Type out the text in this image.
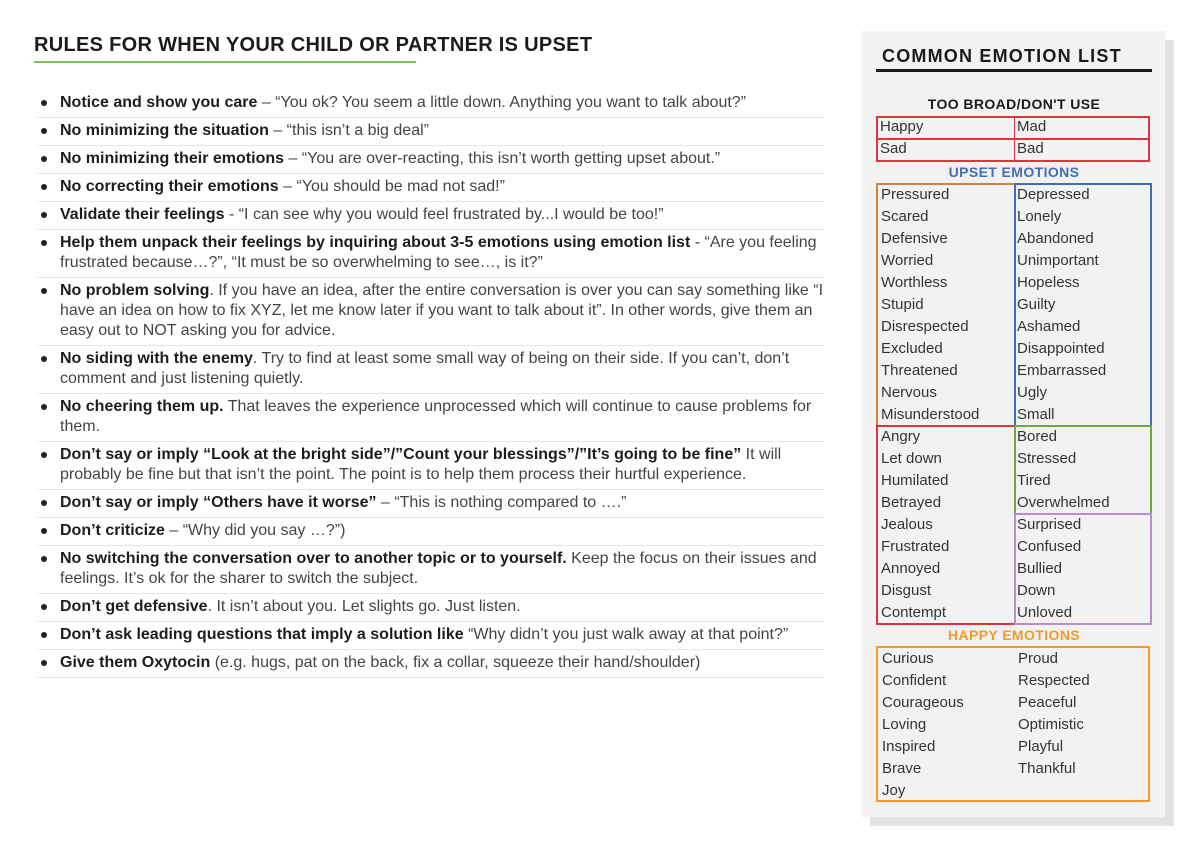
RULES FOR WHEN YOUR CHILD OR PARTNER IS UPSET
Notice and show you care – “You ok? You seem a little down. Anything you want to talk about?”
No minimizing the situation – “this isn’t a big deal”
No minimizing their emotions – “You are over-reacting, this isn’t worth getting upset about.”
No correcting their emotions – “You should be mad not sad!”
Validate their feelings - “I can see why you would feel frustrated by...I would be too!”
Help them unpack their feelings by inquiring about 3-5 emotions using emotion list - “Are you feeling frustrated because…?”, “It must be so overwhelming to see…, is it?”
No problem solving. If you have an idea, after the entire conversation is over you can say something like “I have an idea on how to fix XYZ, let me know later if you want to talk about it”. In other words, give them an easy out to NOT asking you for advice.
No siding with the enemy. Try to find at least some small way of being on their side. If you can’t, don’t comment and just listening quietly.
No cheering them up. That leaves the experience unprocessed which will continue to cause problems for them.
Don’t say or imply “Look at the bright side”/”Count your blessings”/”It’s going to be fine” It will probably be fine but that isn’t the point. The point is to help them process their hurtful experience.
Don’t say or imply “Others have it worse” – “This is nothing compared to ….”
Don’t criticize – “Why did you say …?”)
No switching the conversation over to another topic or to yourself. Keep the focus on their issues and feelings. It’s ok for the sharer to switch the subject.
Don’t get defensive. It isn’t about you. Let slights go. Just listen.
Don’t ask leading questions that imply a solution like “Why didn’t you just walk away at that point?”
Give them Oxytocin (e.g. hugs, pat on the back, fix a collar, squeeze their hand/shoulder)
COMMON EMOTION LIST
TOO BROAD/DON'T USE
Happy	Mad
Sad	Bad
UPSET EMOTIONS
Pressured
Scared
Defensive
Worried
Worthless
Stupid
Disrespected
Excluded
Threatened
Nervous
Misunderstood
Depressed
Lonely
Abandoned
Unimportant
Hopeless
Guilty
Ashamed
Disappointed
Embarrassed
Ugly
Small
Angry
Let down
Humilated
Betrayed
Jealous
Frustrated
Annoyed
Disgust
Contempt
Bored
Stressed
Tired
Overwhelmed
Surprised
Confused
Bullied
Down
Unloved
HAPPY EMOTIONS
Curious
Confident
Courageous
Loving
Inspired
Brave
Joy
Proud
Respected
Peaceful
Optimistic
Playful
Thankful
